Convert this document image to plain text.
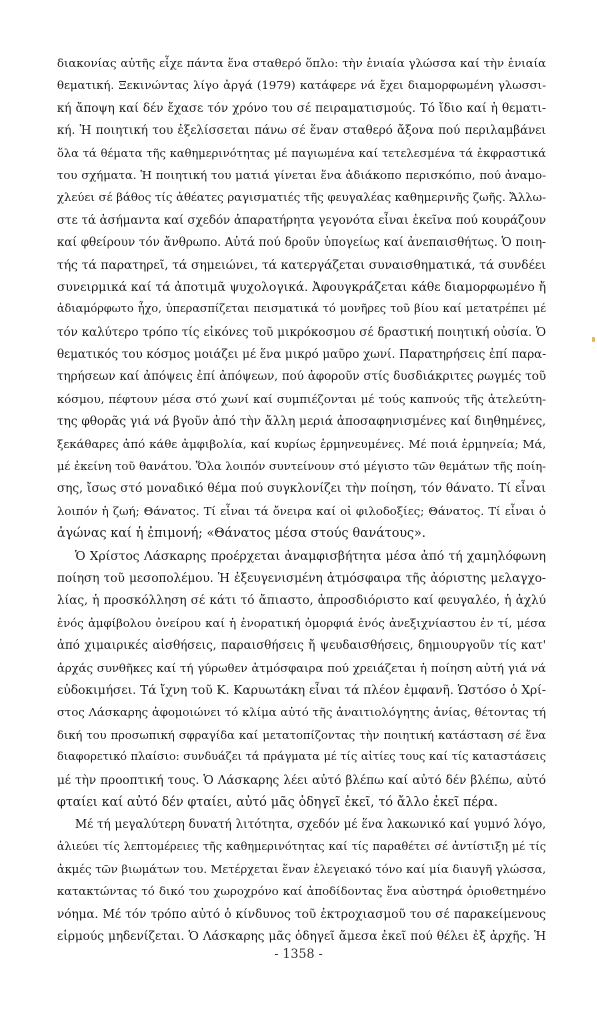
διακονίας αὐτῆς εἶχε πάντα ἕνα σταθερό ὅπλο: τὴν ἑνιαία γλώσσα καί τὴν ἑνιαία
θεματική. Ξεκινώντας λίγο ἀργά (1979) κατάφερε νά ἔχει διαμορφωμένη γλωσσι-
κή ἄποψη καί δέν ἔχασε τόν χρόνο του σέ πειραματισμούς. Τό ἴδιο καί ἡ θεματι-
κή. Ἡ ποιητική του ἐξελίσσεται πάνω σέ ἕναν σταθερό ἄξονα πού περιλαμβάνει
ὅλα τά θέματα τῆς καθημερινότητας μέ παγιωμένα καί τετελεσμένα τά ἐκφραστικά
του σχήματα. Ἡ ποιητική του ματιά γίνεται ἕνα ἀδιάκοπο περισκόπιο, πού ἀναμο-
χλεύει σέ βάθος τίς ἀθέατες ραγισματιές τῆς φευγαλέας καθημερινῆς ζωῆς. Ἄλλω-
στε τά ἀσήμαντα καί σχεδόν ἀπαρατήρητα γεγονότα εἶναι ἐκεῖνα πού κουράζουν
καί φθείρουν τόν ἄνθρωπο. Αὐτά πού δροῦν ὑπογείως καί ἀνεπαισθήτως. Ὁ ποιη-
τής τά παρατηρεῖ, τά σημειώνει, τά κατεργάζεται συναισθηματικά, τά συνδέει
συνειρμικά καί τά ἀποτιμᾶ ψυχολογικά. Ἀφουγκράζεται κάθε διαμορφωμένο ἤ
ἀδιαμόρφωτο ἦχο, ὑπερασπίζεται πεισματικά τό μονῆρες τοῦ βίου καί μετατρέπει μέ
τόν καλύτερο τρόπο τίς εἰκόνες τοῦ μικρόκοσμου σέ δραστική ποιητική οὐσία. Ὁ
θεματικός του κόσμος μοιάζει μέ ἕνα μικρό μαῦρο χωνί. Παρατηρήσεις ἐπί παρα-
τηρήσεων καί ἀπόψεις ἐπί ἀπόψεων, πού ἀφοροῦν στίς δυσδιάκριτες ρωγμές τοῦ
κόσμου, πέφτουν μέσα στό χωνί καί συμπιέζονται μέ τούς καπνούς τῆς ἀτελεύτη-
της φθορᾶς γιά νά βγοῦν ἀπό τὴν ἄλλη μεριά ἀποσαφηνισμένες καί διηθημένες,
ξεκάθαρες ἀπό κάθε ἀμφιβολία, καί κυρίως ἑρμηνευμένες. Μέ ποιά ἑρμηνεία; Μά,
μέ ἐκείνη τοῦ θανάτου. Ὅλα λοιπόν συντείνουν στό μέγιστο τῶν θεμάτων τῆς ποίη-
σης, ἴσως στό μοναδικό θέμα πού συγκλονίζει τὴν ποίηση, τόν θάνατο. Τί εἶναι
λοιπόν ἡ ζωή; Θάνατος. Τί εἶναι τά ὄνειρα καί οἱ φιλοδοξίες; Θάνατος. Τί εἶναι ὁ
ἀγώνας καί ἡ ἐπιμονή; «Θάνατος μέσα στούς θανάτους».
Ὁ Χρίστος Λάσκαρης προέρχεται ἀναμφισβήτητα μέσα ἀπό τή χαμηλόφωνη
ποίηση τοῦ μεσοπολέμου. Ἡ ἐξευγενισμένη ἀτμόσφαιρα τῆς ἀόριστης μελαγχο-
λίας, ἡ προσκόλληση σέ κάτι τό ἄπιαστο, ἀπροσδιόριστο καί φευγαλέο, ἡ ἀχλύ
ἑνός ἀμφίβολου ὀνείρου καί ἡ ἐνορατική ὁμορφιά ἑνός ἀνεξιχνίαστου ἐν τί, μέσα
ἀπό χιμαιρικές αἰσθήσεις, παραισθήσεις ἤ ψευδαισθήσεις, δημιουργοῦν τίς κατ'
ἀρχάς συνθῆκες καί τή γύρωθεν ἀτμόσφαιρα πού χρειάζεται ἡ ποίηση αὐτή γιά νά
εὐδοκιμήσει. Τά ἴχνη τοῦ Κ. Καρυωτάκη εἶναι τά πλέον ἐμφανῆ. Ὡστόσο ὁ Χρί-
στος Λάσκαρης ἀφομοιώνει τό κλίμα αὐτό τῆς ἀναιτιολόγητης ἀνίας, θέτοντας τή
δική του προσωπική σφραγίδα καί μετατοπίζοντας τὴν ποιητική κατάσταση σέ ἕνα
διαφορετικό πλαίσιο: συνδυάζει τά πράγματα μέ τίς αἰτίες τους καί τίς καταστάσεις
μέ τὴν προοπτική τους. Ὁ Λάσκαρης λέει αὐτό βλέπω καί αὐτό δέν βλέπω, αὐτό
φταίει καί αὐτό δέν φταίει, αὐτό μᾶς ὁδηγεῖ ἐκεῖ, τό ἄλλο ἐκεῖ πέρα.
Μέ τή μεγαλύτερη δυνατή λιτότητα, σχεδόν μέ ἕνα λακωνικό καί γυμνό λόγο,
ἀλιεύει τίς λεπτομέρειες τῆς καθημερινότητας καί τίς παραθέτει σέ ἀντίστιξη μέ τίς
ἀκμές τῶν βιωμάτων του. Μετέρχεται ἕναν ἐλεγειακό τόνο καί μία διαυγῆ γλώσσα,
κατακτώντας τό δικό του χωροχρόνο καί ἀποδίδοντας ἕνα αὐστηρά ὁριοθετημένο
νόημα. Μέ τόν τρόπο αὐτό ὁ κίνδυνος τοῦ ἐκτροχιασμοῦ του σέ παρακείμενους
εἱρμούς μηδενίζεται. Ὁ Λάσκαρης μᾶς ὁδηγεῖ ἄμεσα ἐκεῖ πού θέλει ἐξ ἀρχῆς. Ἡ
- 1358 -
